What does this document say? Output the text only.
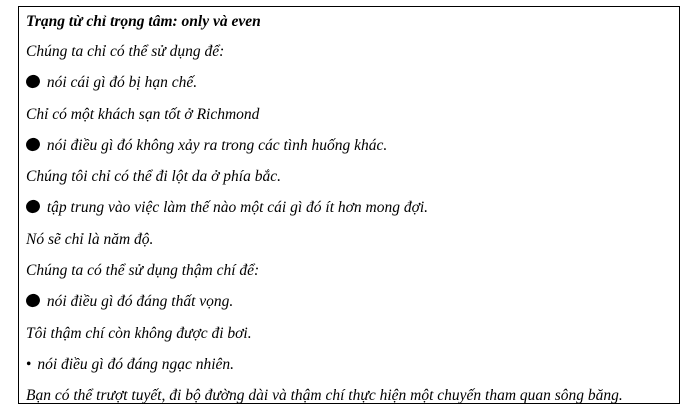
Trạng từ chỉ trọng tâm: only và even
Chúng ta chỉ có thể sử dụng để:
nói cái gì đó bị hạn chế.
Chỉ có một khách sạn tốt ở Richmond
nói điều gì đó không xảy ra trong các tình huống khác.
Chúng tôi chỉ có thể đi lột da ở phía bắc.
tập trung vào việc làm thế nào một cái gì đó ít hơn mong đợi.
Nó sẽ chỉ là năm độ.
Chúng ta có thể sử dụng thậm chí để:
nói điều gì đó đáng thất vọng.
Tôi thậm chí còn không được đi bơi.
• nói điều gì đó đáng ngạc nhiên.
Bạn có thể trượt tuyết, đi bộ đường dài và thậm chí thực hiện một chuyến tham quan sông băng.
